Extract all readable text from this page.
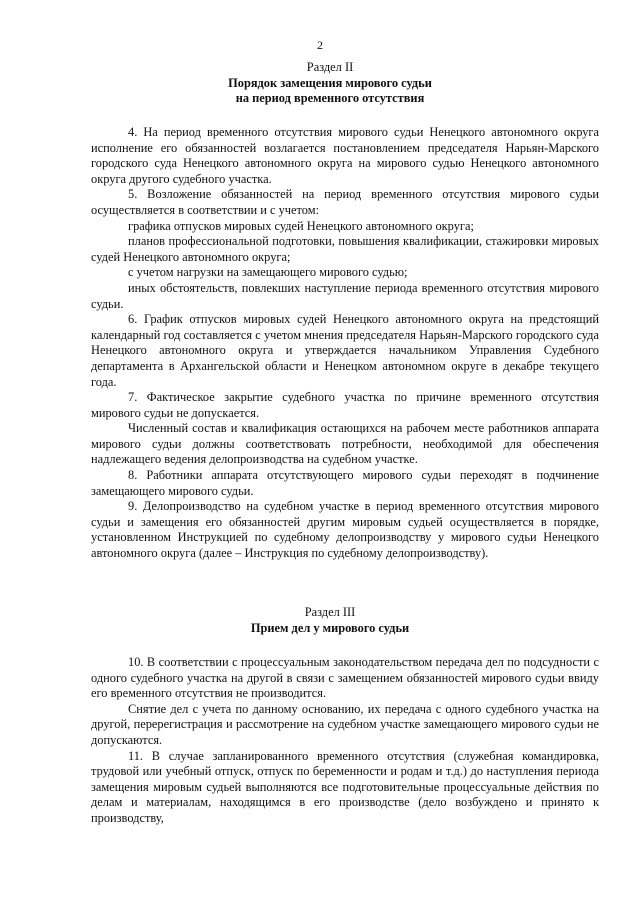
2
Раздел II
Порядок замещения мирового судьи
на период временного отсутствия

4. На период временного отсутствия мирового судьи Ненецкого автономного округа исполнение его обязанностей возлагается постановлением председателя Нарьян-Марского городского суда Ненецкого автономного округа на мирового судью Ненецкого автономного округа другого судебного участка.

5. Возложение обязанностей на период временного отсутствия мирового судьи осуществляется в соответствии и с учетом:

графика отпусков мировых судей Ненецкого автономного округа;

планов профессиональной подготовки, повышения квалификации, стажировки мировых судей Ненецкого автономного округа;

с учетом нагрузки на замещающего мирового судью;

иных обстоятельств, повлекших наступление периода временного отсутствия мирового судьи.

6. График отпусков мировых судей Ненецкого автономного округа на предстоящий календарный год составляется с учетом мнения председателя Нарьян-Марского городского суда Ненецкого автономного округа и утверждается начальником Управления Судебного департамента в Архангельской области и Ненецком автономном округе в декабре текущего года.

7. Фактическое закрытие судебного участка по причине временного отсутствия мирового судьи не допускается.

Численный состав и квалификация остающихся на рабочем месте работников аппарата мирового судьи должны соответствовать потребности, необходимой для обеспечения надлежащего ведения делопроизводства на судебном участке.

8. Работники аппарата отсутствующего мирового судьи переходят в подчинение замещающего мирового судьи.

9. Делопроизводство на судебном участке в период временного отсутствия мирового судьи и замещения его обязанностей другим мировым судьей осуществляется в порядке, установленном Инструкцией по судебному делопроизводству у мирового судьи Ненецкого автономного округа (далее – Инструкция по судебному делопроизводству).

Раздел III
Прием дел у мирового судьи

10. В соответствии с процессуальным законодательством передача дел по подсудности с одного судебного участка на другой в связи с замещением обязанностей мирового судьи ввиду его временного отсутствия не производится.

Снятие дел с учета по данному основанию, их передача с одного судебного участка на другой, перерегистрация и рассмотрение на судебном участке замещающего мирового судьи не допускаются.

11. В случае запланированного временного отсутствия (служебная командировка, трудовой или учебный отпуск, отпуск по беременности и родам и т.д.) до наступления периода замещения мировым судьей выполняются все подготовительные процессуальные действия по делам и материалам, находящимся в его производстве (дело возбуждено и принято к производству,
